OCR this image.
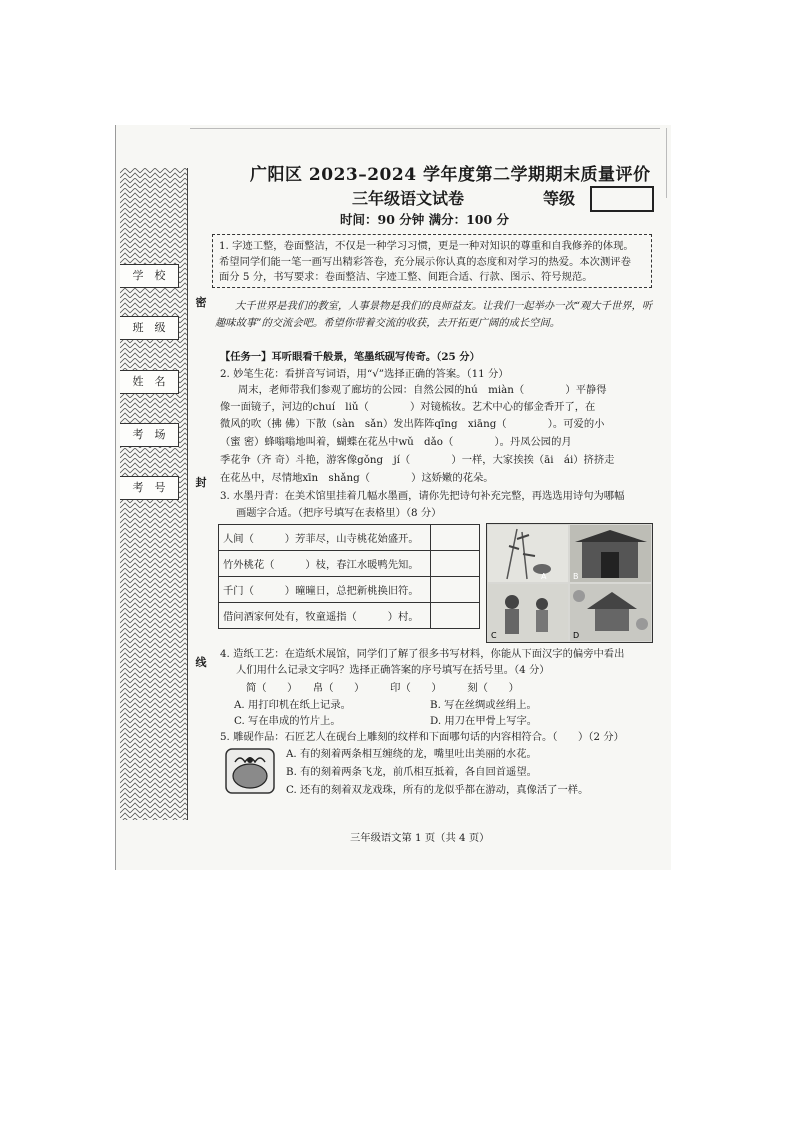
学　校
班　级
姓　名
考　场
考　号
密
封
线
广阳区 2023–2024 学年度第二学期期末质量评价
三年级语文试卷	等级
时间：90 分钟 满分：100 分
1. 字迹工整，卷面整洁，不仅是一种学习习惯，更是一种对知识的尊重和自我修养的体现。
希望同学们能一笔一画写出精彩答卷，充分展示你认真的态度和对学习的热爱。本次测评卷
面分 5 分，书写要求：卷面整洁、字迹工整、间距合适、行款、图示、符号规范。
大千世界是我们的教室，人事景物是我们的良师益友。让我们一起举办一次“观大千世界，听趣味故事”的交流会吧。希望你带着交流的收获，去开拓更广阔的成长空间。
【任务一】耳听眼看千般景，笔墨纸砚写传奇。（25 分）
2. 妙笔生花：看拼音写词语，用“√”选择正确的答案。（11 分）
周末，老师带我们参观了廊坊的公园：自然公园的hú　miàn（　　　　）平静得
像一面镜子，河边的chuí　liǔ（　　　　）对镜梳妆。艺术中心的郁金香开了，在
微风的吹（拂 佛）下散（sàn　sǎn）发出阵阵qīng　xiāng（　　　　）。可爱的小
（蜜 密）蜂嗡嗡地叫着，蝴蝶在花丛中wǔ　dǎo（　　　　）。丹凤公园的月
季花争（齐 奇）斗艳，游客像gǒng　jí（　　　　）一样，大家挨挨（āi　ái）挤挤走
在花丛中，尽情地xīn　shǎng（　　　　）这娇嫩的花朵。
3. 水墨丹青：在美术馆里挂着几幅水墨画，请你先把诗句补充完整，再选选用诗句为哪幅
画题字合适。（把序号填写在表格里）（8 分）
人间（　　　）芳菲尽，山寺桃花始盛开。	
竹外桃花（　　　）枝，春江水暖鸭先知。	
千门（　　　）曈曈日，总把新桃换旧符。	
借问酒家何处有，牧童遥指（　　　）村。	
A	B
C	D
4. 造纸工艺：在造纸术展馆，同学们了解了很多书写材料，你能从下面汉字的偏旁中看出
人们用什么记录文字吗？选择正确答案的序号填写在括号里。（4 分）
简（　　）　　帛（　　）　　　印（　　）　　　刻（　　）
A. 用打印机在纸上记录。	B. 写在丝绸或丝绢上。
C. 写在串成的竹片上。	D. 用刀在甲骨上写字。
5. 雕砚作品：石匠艺人在砚台上雕刻的纹样和下面哪句话的内容相符合。（　　）（2 分）
A. 有的刻着两条相互缠绕的龙，嘴里吐出美丽的水花。
B. 有的刻着两条飞龙，前爪相互抵着，各自回首遥望。
C. 还有的刻着双龙戏珠，所有的龙似乎都在游动，真像活了一样。
三年级语文第 1 页（共 4 页）
